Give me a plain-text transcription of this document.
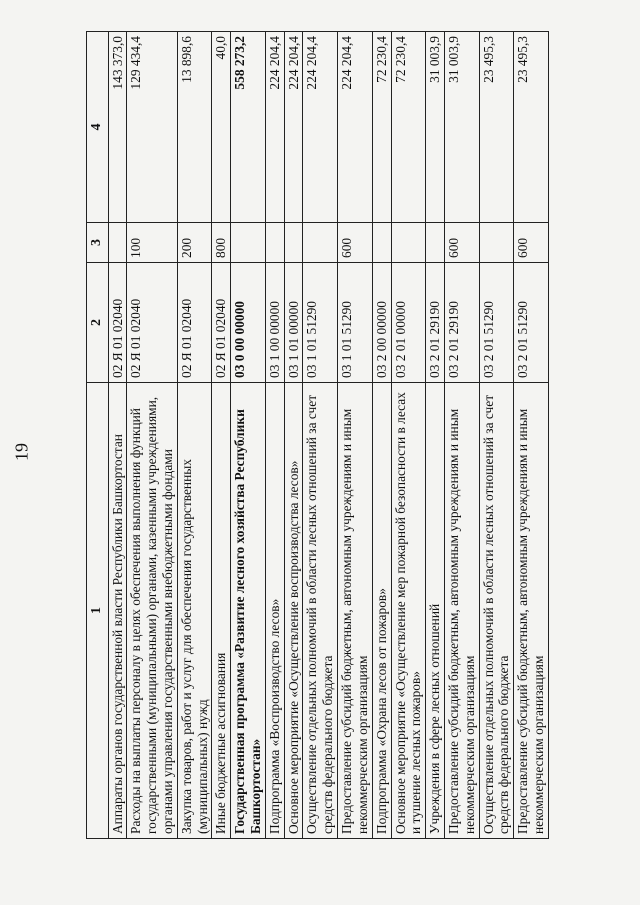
19
1	2	3	4
Аппараты органов государственной власти Республики Башкортостан	02 Я 01 02040		143 373,0
Расходы на выплаты персоналу в целях обеспечения выполнения функций государственными (муниципальными) органами, казенными учреждениями, органами управления государственными внебюджетными фондами	02 Я 01 02040	100	129 434,4
Закупка товаров, работ и услуг для обеспечения государственных (муниципальных) нужд	02 Я 01 02040	200	13 898,6
Иные бюджетные ассигнования	02 Я 01 02040	800	40,0
Государственная программа «Развитие лесного хозяйства Республики Башкортостан»	03 0 00 00000		558 273,2
Подпрограмма «Воспроизводство лесов»	03 1 00 00000		224 204,4
Основное мероприятие «Осуществление воспроизводства лесов»	03 1 01 00000		224 204,4
Осуществление отдельных полномочий в области лесных отношений за счет средств федерального бюджета	03 1 01 51290		224 204,4
Предоставление субсидий бюджетным, автономным учреждениям и иным некоммерческим организациям	03 1 01 51290	600	224 204,4
Подпрограмма «Охрана лесов от пожаров»	03 2 00 00000		72 230,4
Основное мероприятие «Осуществление мер пожарной безопасности в лесах и тушение лесных пожаров»	03 2 01 00000		72 230,4
Учреждения в сфере лесных отношений	03 2 01 29190		31 003,9
Предоставление субсидий бюджетным, автономным учреждениям и иным некоммерческим организациям	03 2 01 29190	600	31 003,9
Осуществление отдельных полномочий в области лесных отношений за счет средств федерального бюджета	03 2 01 51290		23 495,3
Предоставление субсидий бюджетным, автономным учреждениям и иным некоммерческим организациям	03 2 01 51290	600	23 495,3
